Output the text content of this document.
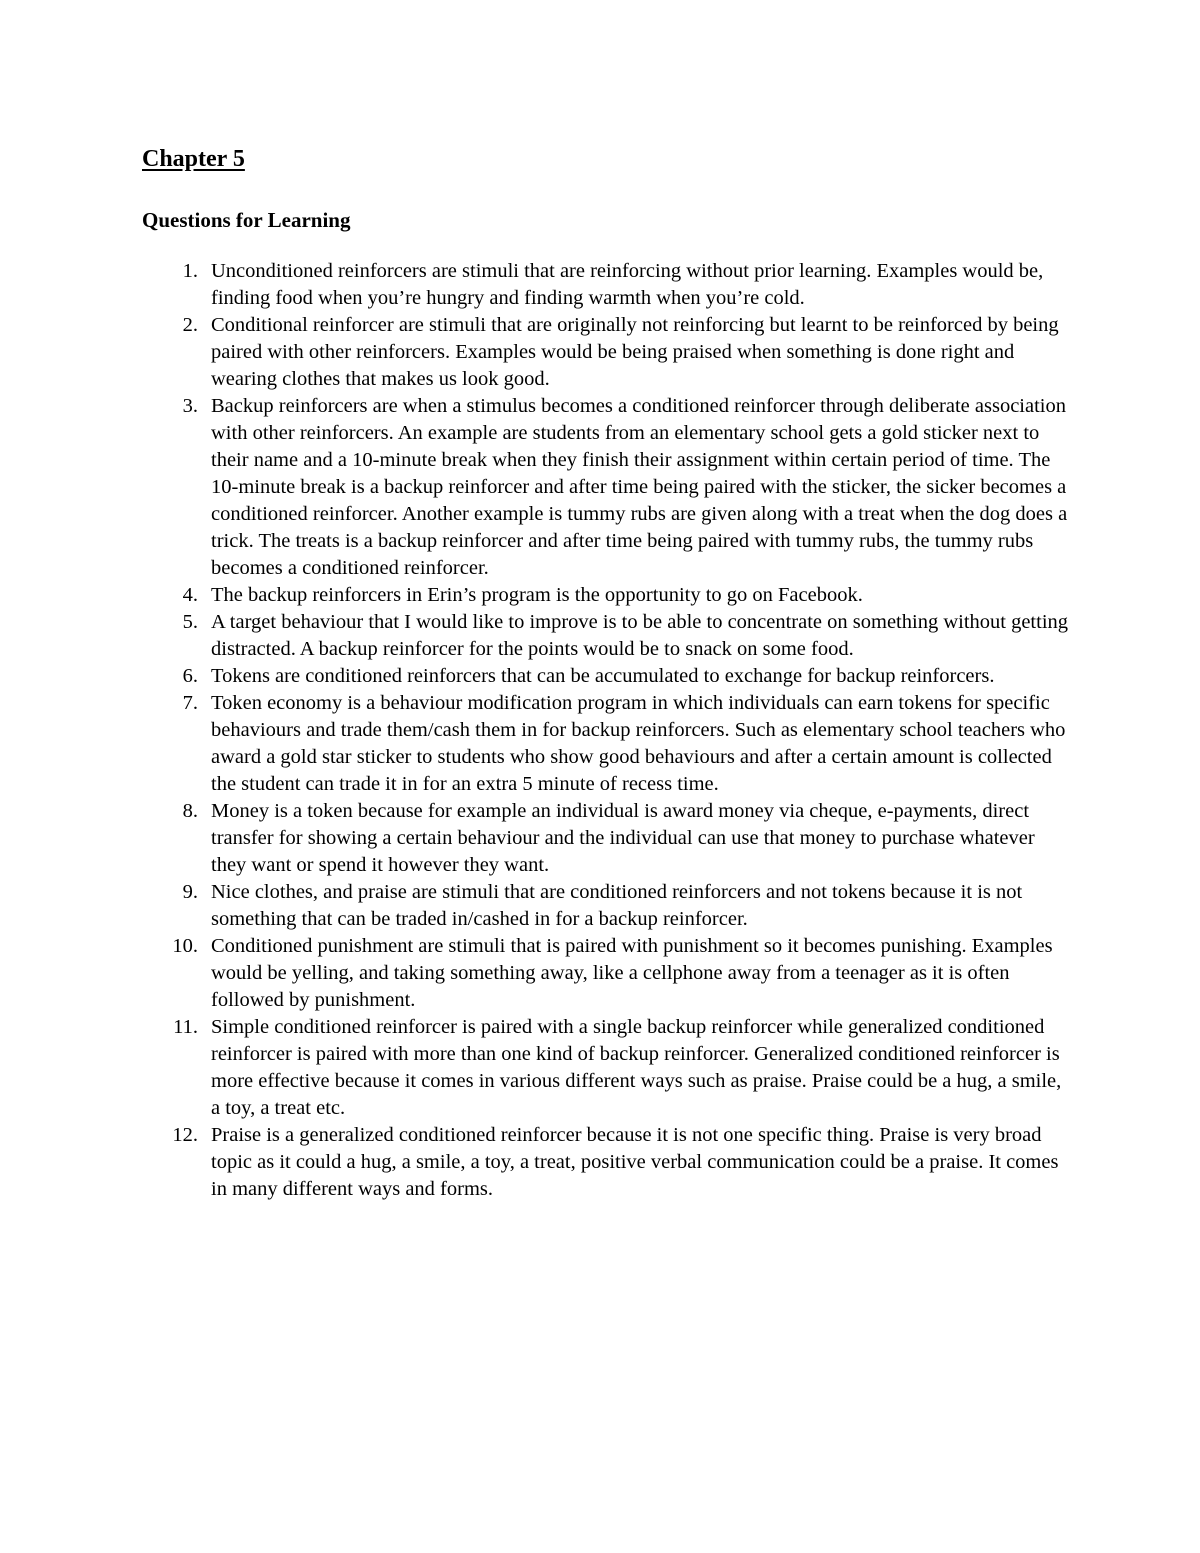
Chapter 5
Questions for Learning
1. Unconditioned reinforcers are stimuli that are reinforcing without prior learning. Examples would be, finding food when you’re hungry and finding warmth when you’re cold.
2. Conditional reinforcer are stimuli that are originally not reinforcing but learnt to be reinforced by being paired with other reinforcers. Examples would be being praised when something is done right and wearing clothes that makes us look good.
3. Backup reinforcers are when a stimulus becomes a conditioned reinforcer through deliberate association with other reinforcers. An example are students from an elementary school gets a gold sticker next to their name and a 10-minute break when they finish their assignment within certain period of time. The 10-minute break is a backup reinforcer and after time being paired with the sticker, the sicker becomes a conditioned reinforcer. Another example is tummy rubs are given along with a treat when the dog does a trick. The treats is a backup reinforcer and after time being paired with tummy rubs, the tummy rubs becomes a conditioned reinforcer.
4. The backup reinforcers in Erin’s program is the opportunity to go on Facebook.
5. A target behaviour that I would like to improve is to be able to concentrate on something without getting distracted. A backup reinforcer for the points would be to snack on some food.
6. Tokens are conditioned reinforcers that can be accumulated to exchange for backup reinforcers.
7. Token economy is a behaviour modification program in which individuals can earn tokens for specific behaviours and trade them/cash them in for backup reinforcers. Such as elementary school teachers who award a gold star sticker to students who show good behaviours and after a certain amount is collected the student can trade it in for an extra 5 minute of recess time.
8. Money is a token because for example an individual is award money via cheque, e-payments, direct transfer for showing a certain behaviour and the individual can use that money to purchase whatever they want or spend it however they want.
9. Nice clothes, and praise are stimuli that are conditioned reinforcers and not tokens because it is not something that can be traded in/cashed in for a backup reinforcer.
10. Conditioned punishment are stimuli that is paired with punishment so it becomes punishing. Examples would be yelling, and taking something away, like a cellphone away from a teenager as it is often followed by punishment.
11. Simple conditioned reinforcer is paired with a single backup reinforcer while generalized conditioned reinforcer is paired with more than one kind of backup reinforcer. Generalized conditioned reinforcer is more effective because it comes in various different ways such as praise. Praise could be a hug, a smile, a toy, a treat etc.
12. Praise is a generalized conditioned reinforcer because it is not one specific thing. Praise is very broad topic as it could a hug, a smile, a toy, a treat, positive verbal communication could be a praise. It comes in many different ways and forms.
